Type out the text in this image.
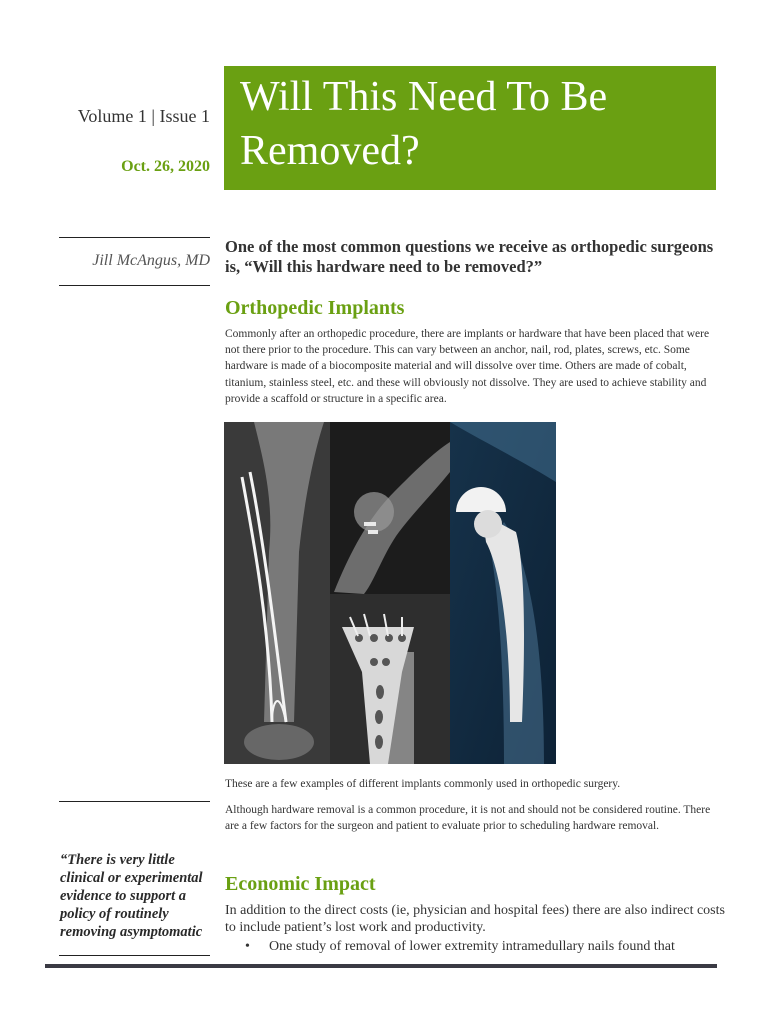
Volume 1 | Issue 1
Oct. 26, 2020
Jill McAngus, MD
“There is very little clinical or experimental evidence to support a policy of routinely removing asymptomatic
Will This Need To Be Removed?
One of the most common questions we receive as orthopedic surgeons is, “Will this hardware need to be removed?”
Orthopedic Implants
Commonly after an orthopedic procedure, there are implants or hardware that have been placed that were not there prior to the procedure. This can vary between an anchor, nail, rod, plates, screws, etc. Some hardware is made of a biocomposite material and will dissolve over time. Others are made of cobalt, titanium, stainless steel, etc. and these will obviously not dissolve. They are used to achieve stability and provide a scaffold or structure in a specific area.
These are a few examples of different implants commonly used in orthopedic surgery.
Although hardware removal is a common procedure, it is not and should not be considered routine. There are a few factors for the surgeon and patient to evaluate prior to scheduling hardware removal.
Economic Impact
In addition to the direct costs (ie, physician and hospital fees) there are also indirect costs to include patient’s lost work and productivity.
• One study of removal of lower extremity intramedullary nails found that
